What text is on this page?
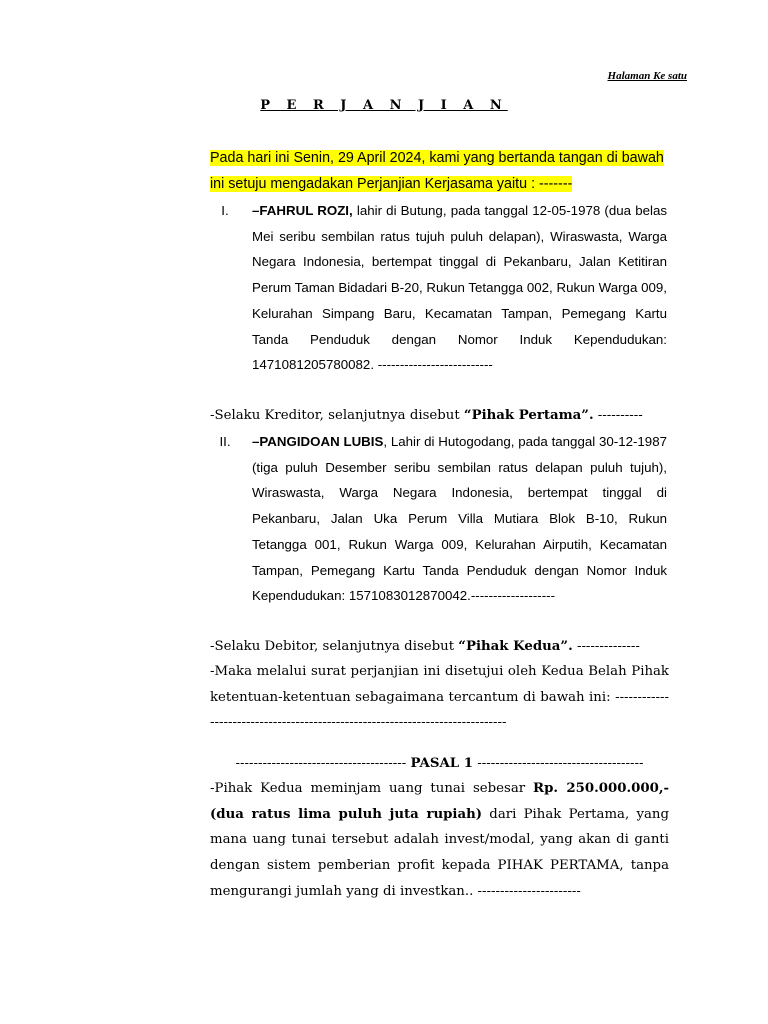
Halaman Ke satu
P E R J A N J I A N
Pada hari ini Senin, 29 April 2024, kami yang bertanda tangan di bawah ini setuju mengadakan Perjanjian Kerjasama yaitu : -------
I.	–FAHRUL ROZI, lahir di Butung, pada tanggal 12-05-1978 (dua belas Mei seribu sembilan ratus tujuh puluh delapan), Wiraswasta, Warga Negara Indonesia, bertempat tinggal di Pekanbaru, Jalan Ketitiran Perum Taman Bidadari B-20, Rukun Tetangga 002, Rukun Warga 009, Kelurahan Simpang Baru, Kecamatan Tampan, Pemegang Kartu Tanda Penduduk dengan Nomor Induk Kependudukan: 1471081205780082. --------------------------
-Selaku Kreditor, selanjutnya disebut “Pihak Pertama”. ----------
II.	–PANGIDOAN LUBIS, Lahir di Hutogodang, pada tanggal 30-12-1987 (tiga puluh Desember seribu sembilan ratus delapan puluh tujuh), Wiraswasta, Warga Negara Indonesia, bertempat tinggal di Pekanbaru, Jalan Uka Perum Villa Mutiara Blok B-10, Rukun Tetangga 001, Rukun Warga 009, Kelurahan Airputih, Kecamatan Tampan, Pemegang Kartu Tanda Penduduk dengan Nomor Induk Kependudukan: 1571083012870042.-------------------
-Selaku Debitor, selanjutnya disebut “Pihak Kedua”. --------------
-Maka melalui surat perjanjian ini disetujui oleh Kedua Belah Pihak ketentuan-ketentuan sebagaimana tercantum di bawah ini: ------------------------------------------------------------------------------
-------------------------------------- PASAL 1 -------------------------------------
-Pihak Kedua meminjam uang tunai sebesar Rp. 250.000.000,- (dua ratus lima puluh juta rupiah) dari Pihak Pertama, yang mana uang tunai tersebut adalah invest/modal, yang akan di ganti dengan sistem pemberian profit kepada PIHAK PERTAMA, tanpa mengurangi jumlah yang di investkan.. -----------------------
